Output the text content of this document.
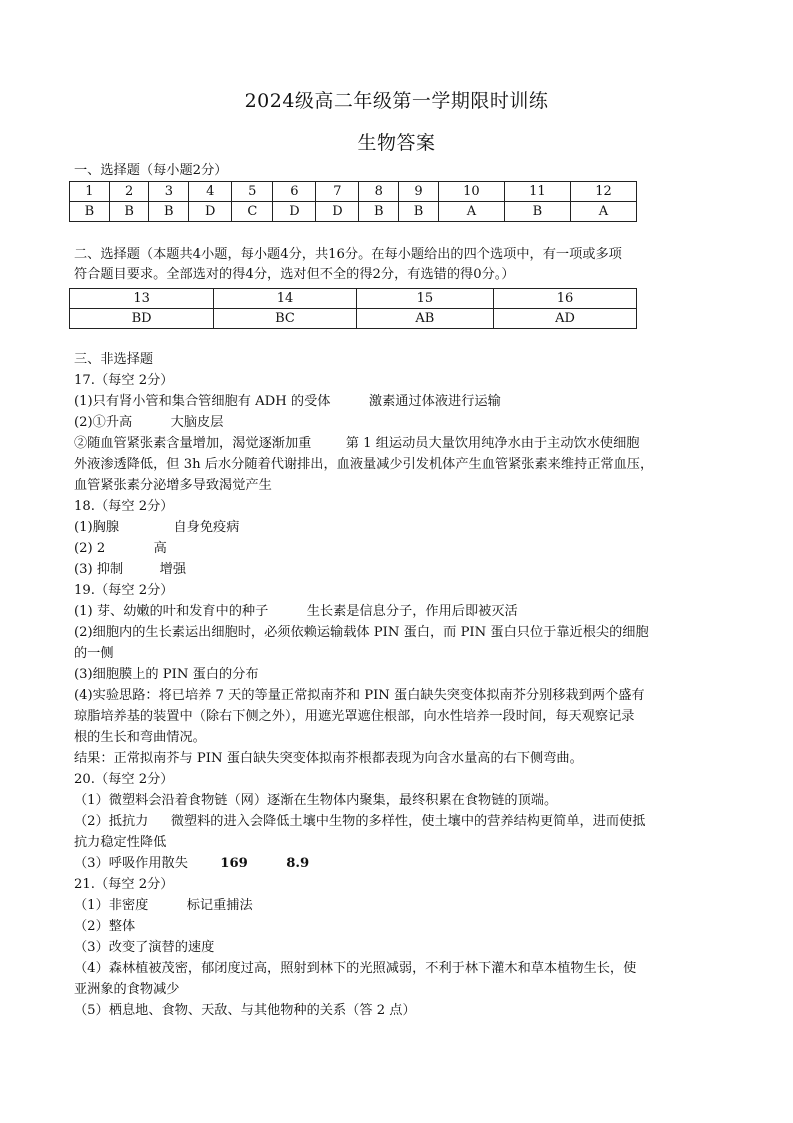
2024级高二年级第一学期限时训练
生物答案
一、选择题（每小题2分）
1	2	3	4	5	6	7	8	9	10	11	12
B	B	B	D	C	D	D	B	B	A	B	A
二、选择题（本题共4小题，每小题4分，共16分。在每小题给出的四个选项中，有一项或多项
符合题目要求。全部选对的得4分，选对但不全的得2分，有选错的得0分。）
13	14	15	16
BD	BC	AB	AD
三、非选择题
17.（每空 2分）
(1)只有肾小管和集合管细胞有 ADH 的受体	激素通过体液进行运输
(2)①升高	大脑皮层
②随血管紧张素含量增加，渴觉逐渐加重	第 1 组运动员大量饮用纯净水由于主动饮水使细胞
外液渗透降低，但 3h 后水分随着代谢排出，血液量减少引发机体产生血管紧张素来维持正常血压，
血管紧张素分泌增多导致渴觉产生
18.（每空 2分）
(1)胸腺	自身免疫病
(2) 2	高
(3) 抑制	增强
19.（每空 2分）
(1) 芽、幼嫩的叶和发育中的种子	生长素是信息分子，作用后即被灭活
(2)细胞内的生长素运出细胞时，必须依赖运输载体 PIN 蛋白，而 PIN 蛋白只位于靠近根尖的细胞
的一侧
(3)细胞膜上的 PIN 蛋白的分布
(4)实验思路：将已培养 7 天的等量正常拟南芥和 PIN 蛋白缺失突变体拟南芥分别移栽到两个盛有
琼脂培养基的装置中（除右下侧之外），用遮光罩遮住根部，向水性培养一段时间，每天观察记录
根的生长和弯曲情况。
结果：正常拟南芥与 PIN 蛋白缺失突变体拟南芥根都表现为向含水量高的右下侧弯曲。
20.（每空 2分）
（1）微塑料会沿着食物链（网）逐渐在生物体内聚集，最终积累在食物链的顶端。
（2）抵抗力 微塑料的进入会降低土壤中生物的多样性，使土壤中的营养结构更简单，进而使抵
抗力稳定性降低
（3）呼吸作用散失 169	8.9
21.（每空 2分）
（1）非密度	标记重捕法
（2）整体
（3）改变了演替的速度
（4）森林植被茂密，郁闭度过高，照射到林下的光照减弱，不利于林下灌木和草本植物生长，使
亚洲象的食物减少
（5）栖息地、食物、天敌、与其他物种的关系（答 2 点）
